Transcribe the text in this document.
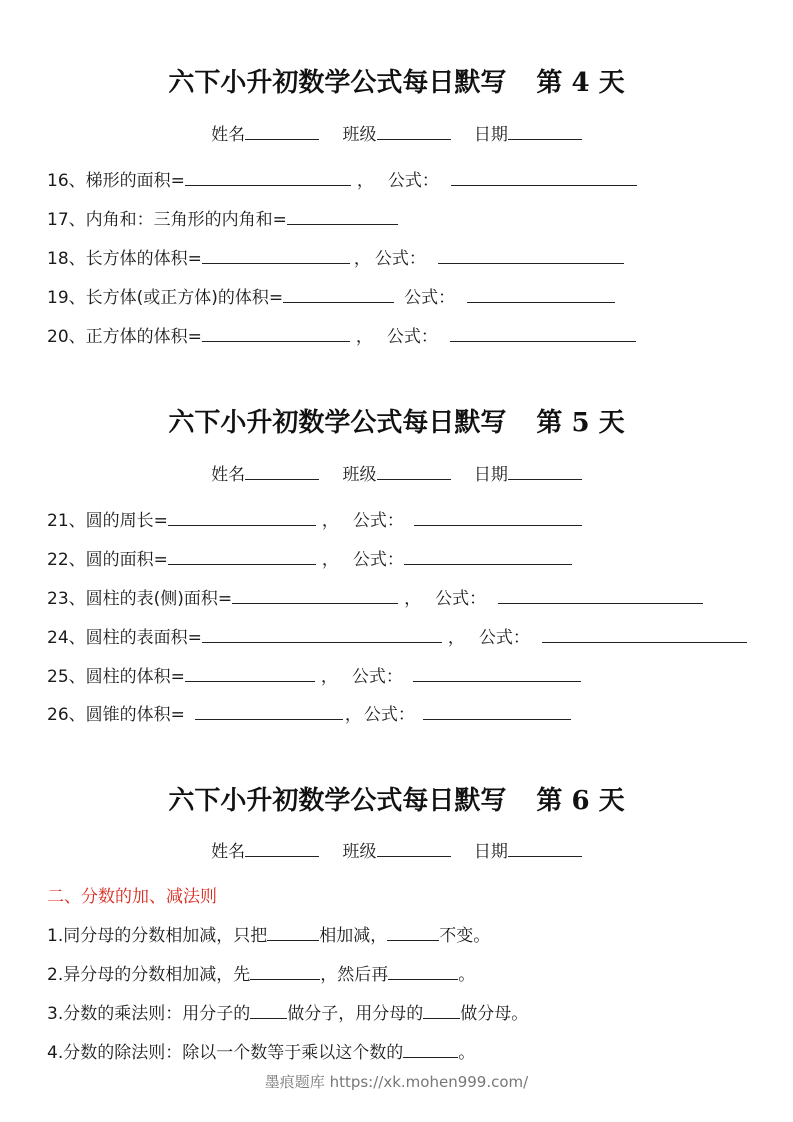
六下小升初数学公式每日默写 第 4 天
姓名	班级	日期
16、梯形的面积=	， 公式：
17、内角和：三角形的内角和=
18、长方体的体积=	， 公式：
19、长方体(或正方体)的体积=	公式：
20、正方体的体积=	， 公式：
六下小升初数学公式每日默写 第 5 天
姓名	班级	日期
21、圆的周长=	， 公式：
22、圆的面积=	， 公式：
23、圆柱的表(侧)面积=	， 公式：
24、圆柱的表面积=	， 公式：
25、圆柱的体积=	， 公式：
26、圆锥的体积=	， 公式：
六下小升初数学公式每日默写 第 6 天
姓名	班级	日期
二、分数的加、减法则
1.同分母的分数相加减，只把	相加减，	不变。
2.异分母的分数相加减，先	，然后再	。
3.分数的乘法则：用分子的 做分子，用分母的 做分母。
4.分数的除法则：除以一个数等于乘以这个数的	。
墨痕题库 https://xk.mohen999.com/
